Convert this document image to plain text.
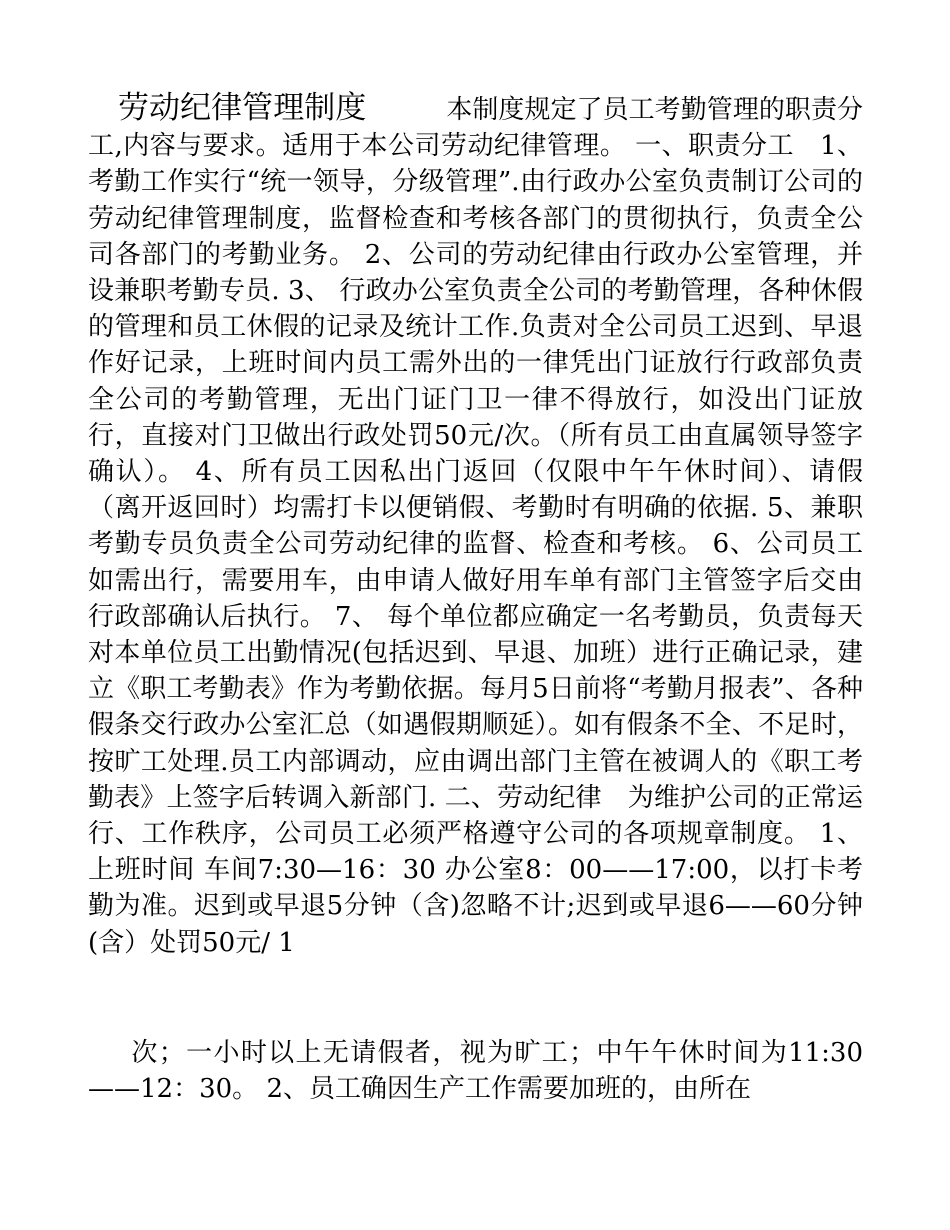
劳动纪律管理制度	本制度规定了员工考勤管理的职责分工,内容与要求。适用于本公司劳动纪律管理。 一、职责分工 1、考勤工作实行“统一领导，分级管理”.由行政办公室负责制订公司的劳动纪律管理制度，监督检查和考核各部门的贯彻执行，负责全公司各部门的考勤业务。 2、公司的劳动纪律由行政办公室管理，并设兼职考勤专员. 3、 行政办公室负责全公司的考勤管理，各种休假的管理和员工休假的记录及统计工作.负责对全公司员工迟到、早退作好记录，上班时间内员工需外出的一律凭出门证放行行政部负责全公司的考勤管理，无出门证门卫一律不得放行，如没出门证放行，直接对门卫做出行政处罚50元/次。（所有员工由直属领导签字确认）。 4、所有员工因私出门返回（仅限中午午休时间）、请假（离开返回时）均需打卡以便销假、考勤时有明确的依据. 5、兼职考勤专员负责全公司劳动纪律的监督、检查和考核。 6、公司员工如需出行，需要用车，由申请人做好用车单有部门主管签字后交由行政部确认后执行。 7、 每个单位都应确定一名考勤员，负责每天对本单位员工出勤情况(包括迟到、早退、加班）进行正确记录，建立《职工考勤表》作为考勤依据。每月5日前将“考勤月报表”、各种假条交行政办公室汇总（如遇假期顺延）。如有假条不全、不足时，按旷工处理.员工内部调动，应由调出部门主管在被调人的《职工考勤表》上签字后转调入新部门. 二、劳动纪律 为维护公司的正常运行、工作秩序，公司员工必须严格遵守公司的各项规章制度。 1、上班时间 车间7:30—16：30 办公室8：00——17:00，以打卡考勤为准。迟到或早退5分钟（含)忽略不计;迟到或早退6——60分钟(含）处罚50元/ 1
次；一小时以上无请假者，视为旷工；中午午休时间为11:30——12：30。 2、员工确因生产工作需要加班的，由所在
